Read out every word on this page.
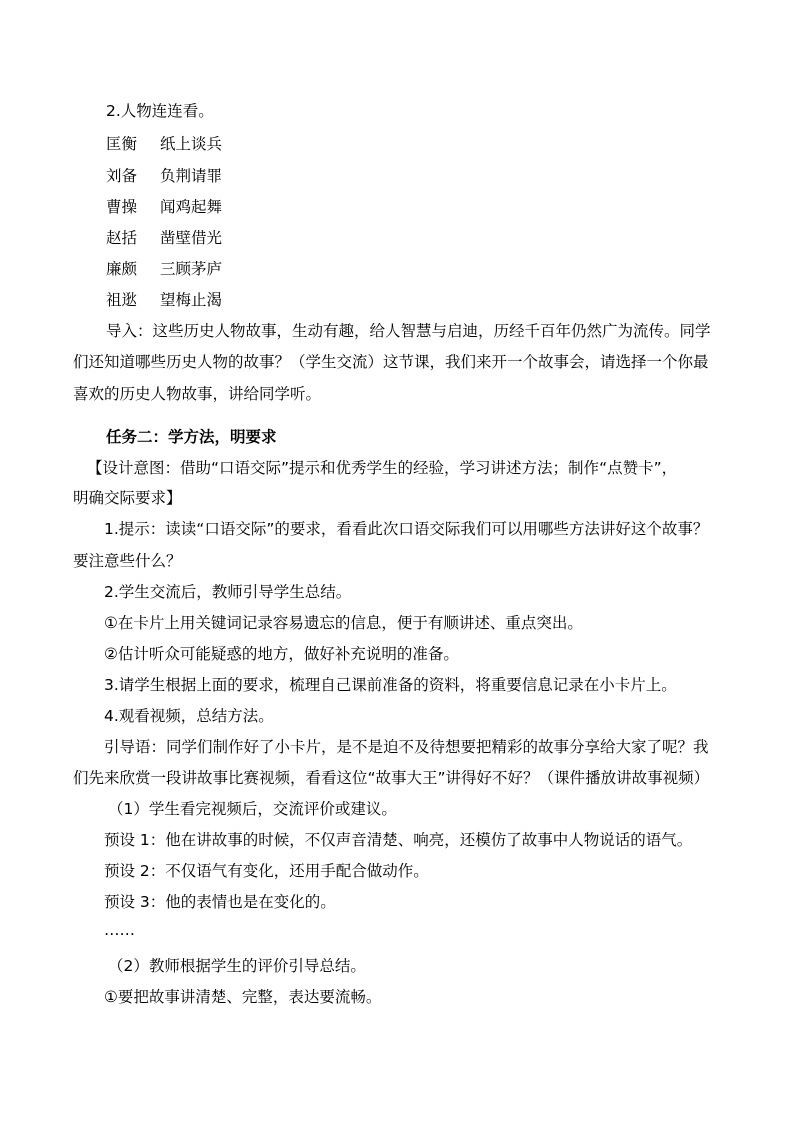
2.人物连连看。
匡衡 纸上谈兵
刘备 负荆请罪
曹操 闻鸡起舞
赵括 凿壁借光
廉颇 三顾茅庐
祖逖 望梅止渴
导入：这些历史人物故事，生动有趣，给人智慧与启迪，历经千百年仍然广为流传。同学
们还知道哪些历史人物的故事？（学生交流）这节课，我们来开一个故事会，请选择一个你最
喜欢的历史人物故事，讲给同学听。
任务二：学方法，明要求
【设计意图：借助“口语交际”提示和优秀学生的经验，学习讲述方法；制作“点赞卡”，
明确交际要求】
1.提示：读读“口语交际”的要求，看看此次口语交际我们可以用哪些方法讲好这个故事？
要注意些什么？
2.学生交流后，教师引导学生总结。
①在卡片上用关键词记录容易遗忘的信息，便于有顺讲述、重点突出。
②估计听众可能疑惑的地方，做好补充说明的准备。
3.请学生根据上面的要求，梳理自己课前准备的资料，将重要信息记录在小卡片上。
4.观看视频，总结方法。
引导语：同学们制作好了小卡片，是不是迫不及待想要把精彩的故事分享给大家了呢？我
们先来欣赏一段讲故事比赛视频，看看这位“故事大王”讲得好不好？（课件播放讲故事视频）
（1）学生看完视频后，交流评价或建议。
预设 1：他在讲故事的时候，不仅声音清楚、响亮，还模仿了故事中人物说话的语气。
预设 2：不仅语气有变化，还用手配合做动作。
预设 3：他的表情也是在变化的。
……
（2）教师根据学生的评价引导总结。
①要把故事讲清楚、完整，表达要流畅。
